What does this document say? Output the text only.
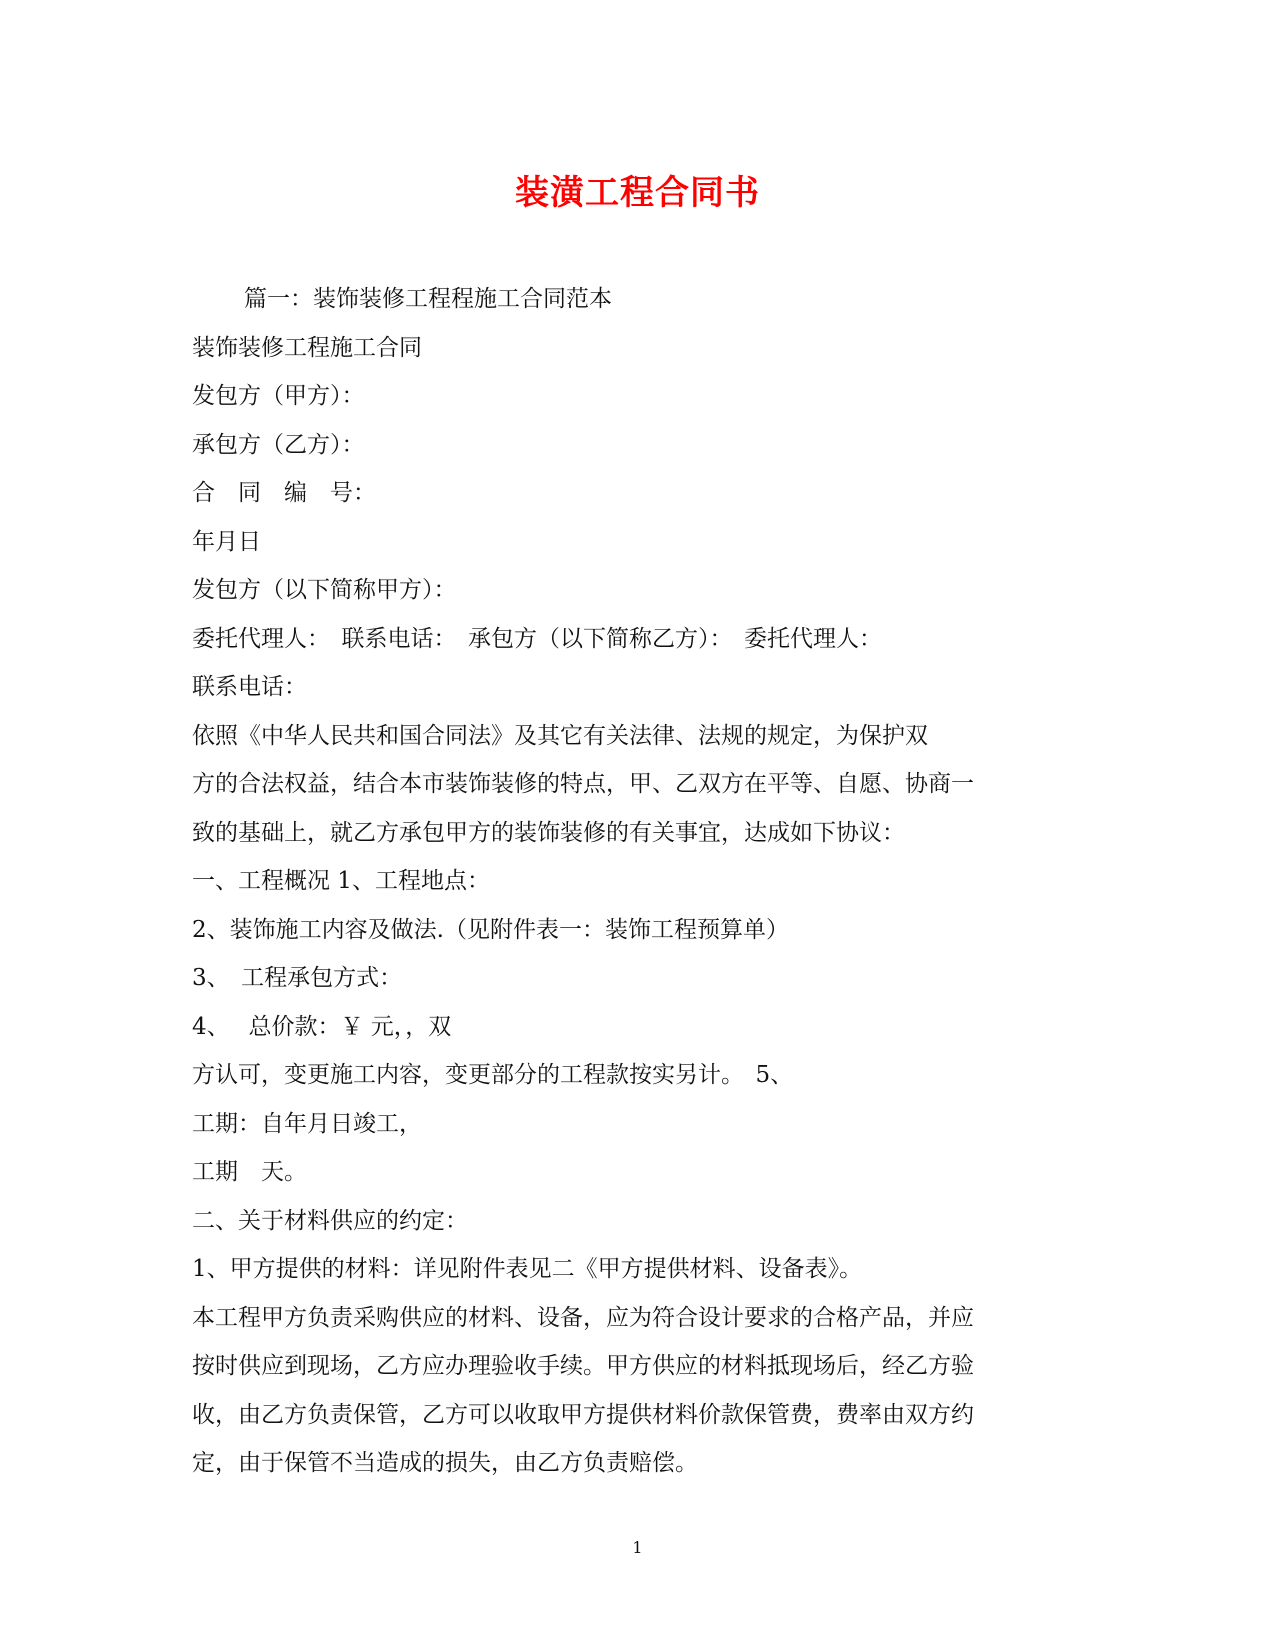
装潢工程合同书
篇一：装饰装修工程程施工合同范本
装饰装修工程施工合同
发包方（甲方）：
承包方（乙方）：
合　同　编　号：
年月日
发包方（以下简称甲方）：
委托代理人：　联系电话：　承包方（以下简称乙方）：　委托代理人：
联系电话：
依照《中华人民共和国合同法》及其它有关法律、法规的规定，为保护双
方的合法权益，结合本市装饰装修的特点，甲、乙双方在平等、自愿、协商一
致的基础上，就乙方承包甲方的装饰装修的有关事宜，达成如下协议：
一、工程概况 1、工程地点：
2、装饰施工内容及做法.（见附件表一：装饰工程预算单）
3、　工程承包方式：
4、　 总价款：￥ 元，，双
方认可，变更施工内容，变更部分的工程款按实另计。　5、
工期：自年月日竣工，
工期　天。
二、关于材料供应的约定：
1、甲方提供的材料：详见附件表见二《甲方提供材料、设备表》。
本工程甲方负责采购供应的材料、设备，应为符合设计要求的合格产品，并应
按时供应到现场，乙方应办理验收手续。甲方供应的材料抵现场后，经乙方验
收，由乙方负责保管，乙方可以收取甲方提供材料价款保管费，费率由双方约
定，由于保管不当造成的损失，由乙方负责赔偿。
1
